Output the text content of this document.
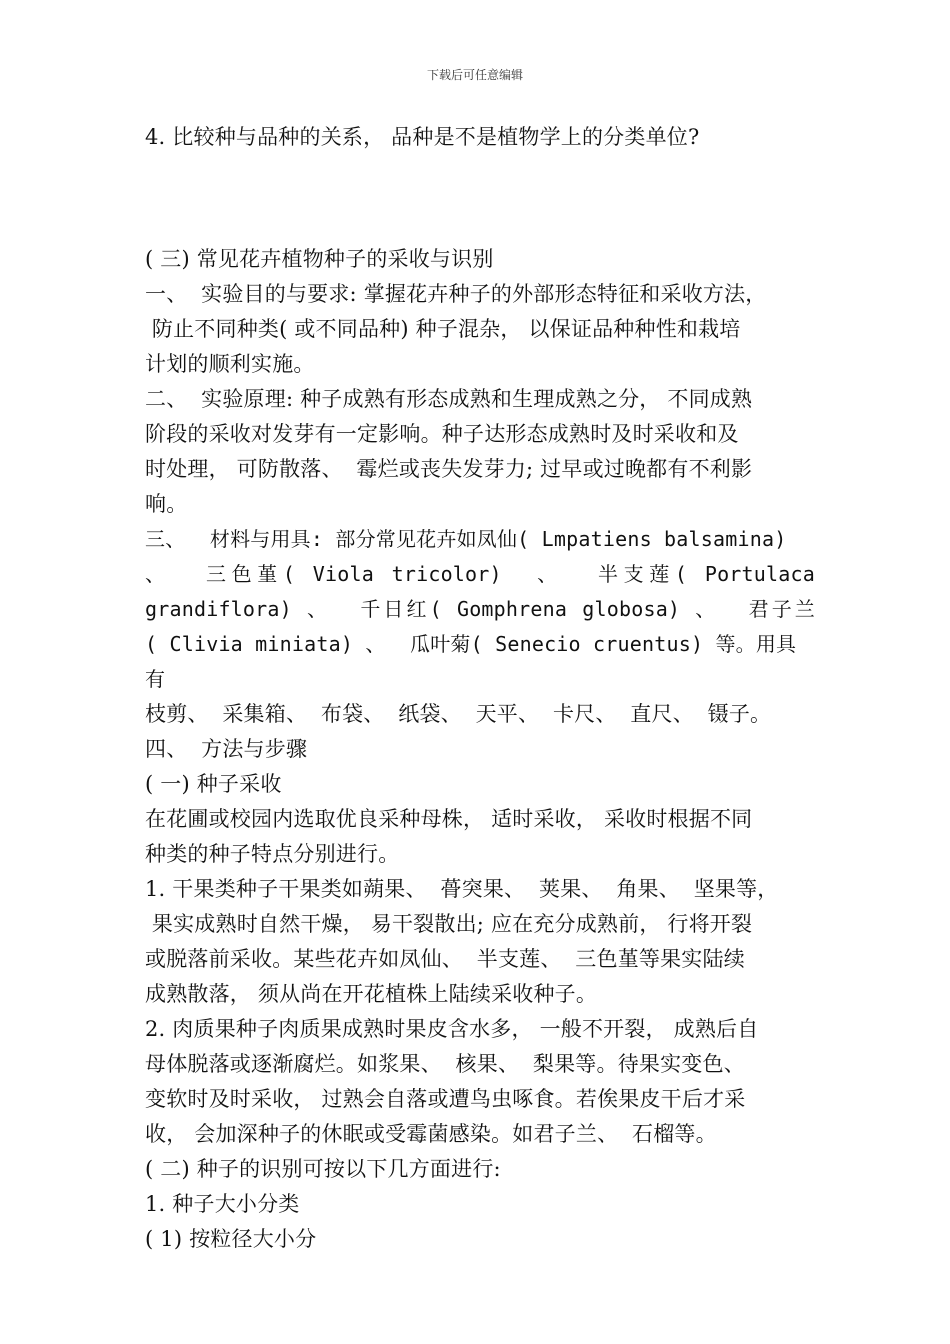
下载后可任意编辑

4. 比较种与品种的关系， 品种是不是植物学上的分类单位?

( 三) 常见花卉植物种子的采收与识别

一、  实验目的与要求: 掌握花卉种子的外部形态特征和采收方法，

防止不同种类( 或不同品种) 种子混杂， 以保证品种种性和栽培

计划的顺利实施。

二、  实验原理: 种子成熟有形态成熟和生理成熟之分， 不同成熟

阶段的采收对发芽有一定影响。种子达形态成熟时及时采收和及

时处理， 可防散落、  霉烂或丧失发芽力; 过早或过晚都有不利影

响。

三、  材料与用具: 部分常见花卉如凤仙( Lmpatiens balsamina)

、  三色堇( Viola tricolor)  、  半支莲( Portulaca

grandiflora) 、  千日红( Gomphrena globosa) 、  君子兰

( Clivia miniata) 、  瓜叶菊( Senecio cruentus) 等。用具有

枝剪、  采集箱、  布袋、  纸袋、  天平、  卡尺、  直尺、  镊子。

四、  方法与步骤

( 一) 种子采收

在花圃或校园内选取优良采种母株， 适时采收， 采收时根据不同

种类的种子特点分别进行。

1. 干果类种子干果类如蒴果、  蓇突果、  荚果、  角果、  坚果等，

果实成熟时自然干燥， 易干裂散出; 应在充分成熟前， 行将开裂

或脱落前采收。某些花卉如凤仙、  半支莲、  三色堇等果实陆续

成熟散落， 须从尚在开花植株上陆续采收种子。

2. 肉质果种子肉质果成熟时果皮含水多， 一般不开裂， 成熟后自

母体脱落或逐渐腐烂。如浆果、  核果、  梨果等。待果实变色、

变软时及时采收， 过熟会自落或遭鸟虫啄食。若俟果皮干后才采

收， 会加深种子的休眠或受霉菌感染。如君子兰、  石榴等。

( 二) 种子的识别可按以下几方面进行:

1. 种子大小分类

( 1) 按粒径大小分
